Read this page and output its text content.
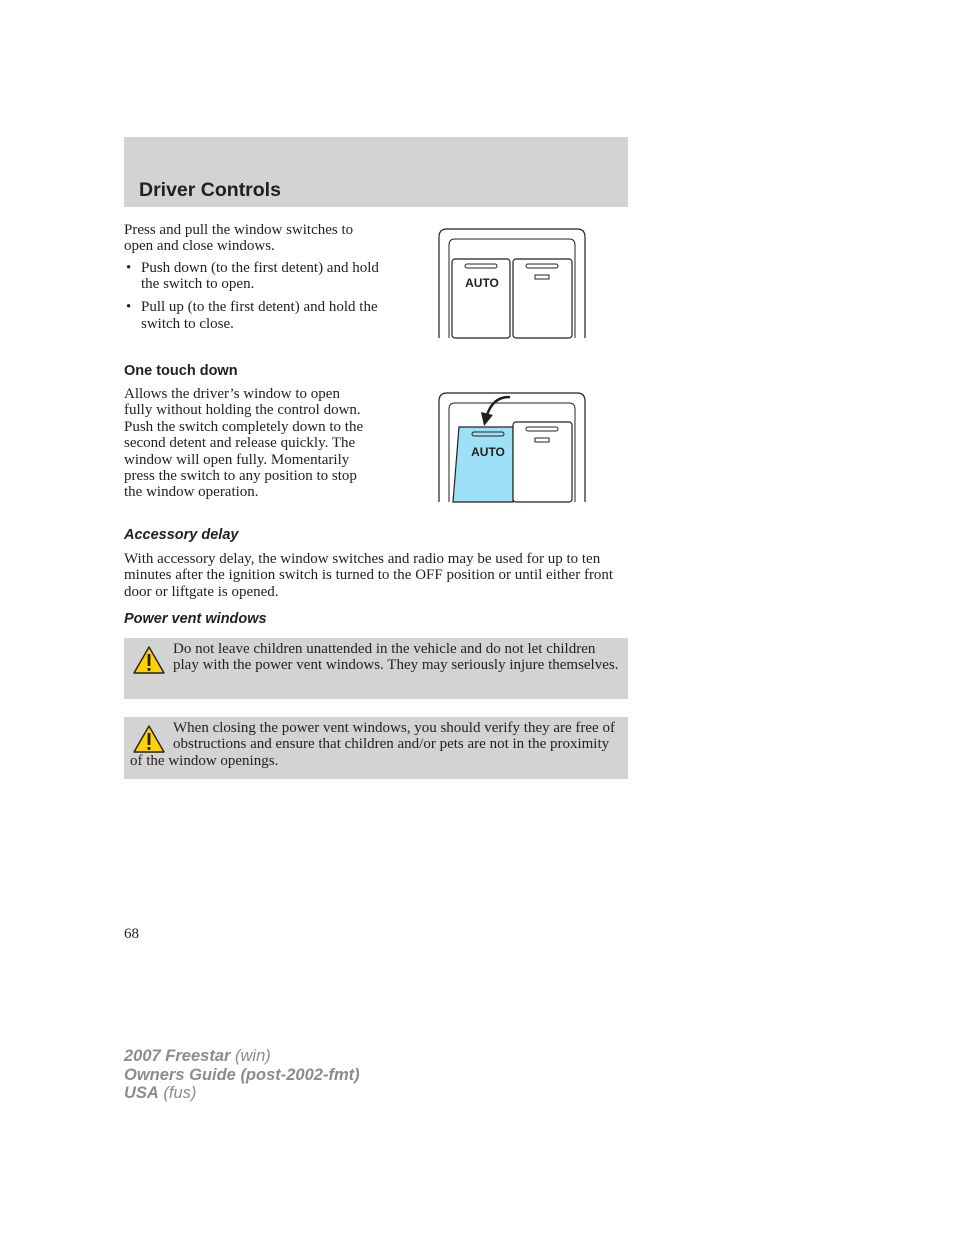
Driver Controls

Press and pull the window switches to open and close windows.

• Push down (to the first detent) and hold the switch to open.
• Pull up (to the first detent) and hold the switch to close.
AUTO
One touch down

Allows the driver’s window to open fully without holding the control down. Push the switch completely down to the second detent and release quickly. The window will open fully. Momentarily press the switch to any position to stop the window operation.

AUTO
Accessory delay

With accessory delay, the window switches and radio may be used for up to ten minutes after the ignition switch is turned to the OFF position or until either front door or liftgate is opened.

Power vent windows

Do not leave children unattended in the vehicle and do not let children play with the power vent windows. They may seriously injure themselves.

When closing the power vent windows, you should verify they are free of obstructions and ensure that children and/or pets are not in the proximity of the window openings.

68

2007 Freestar (win)
Owners Guide (post-2002-fmt)
USA (fus)
